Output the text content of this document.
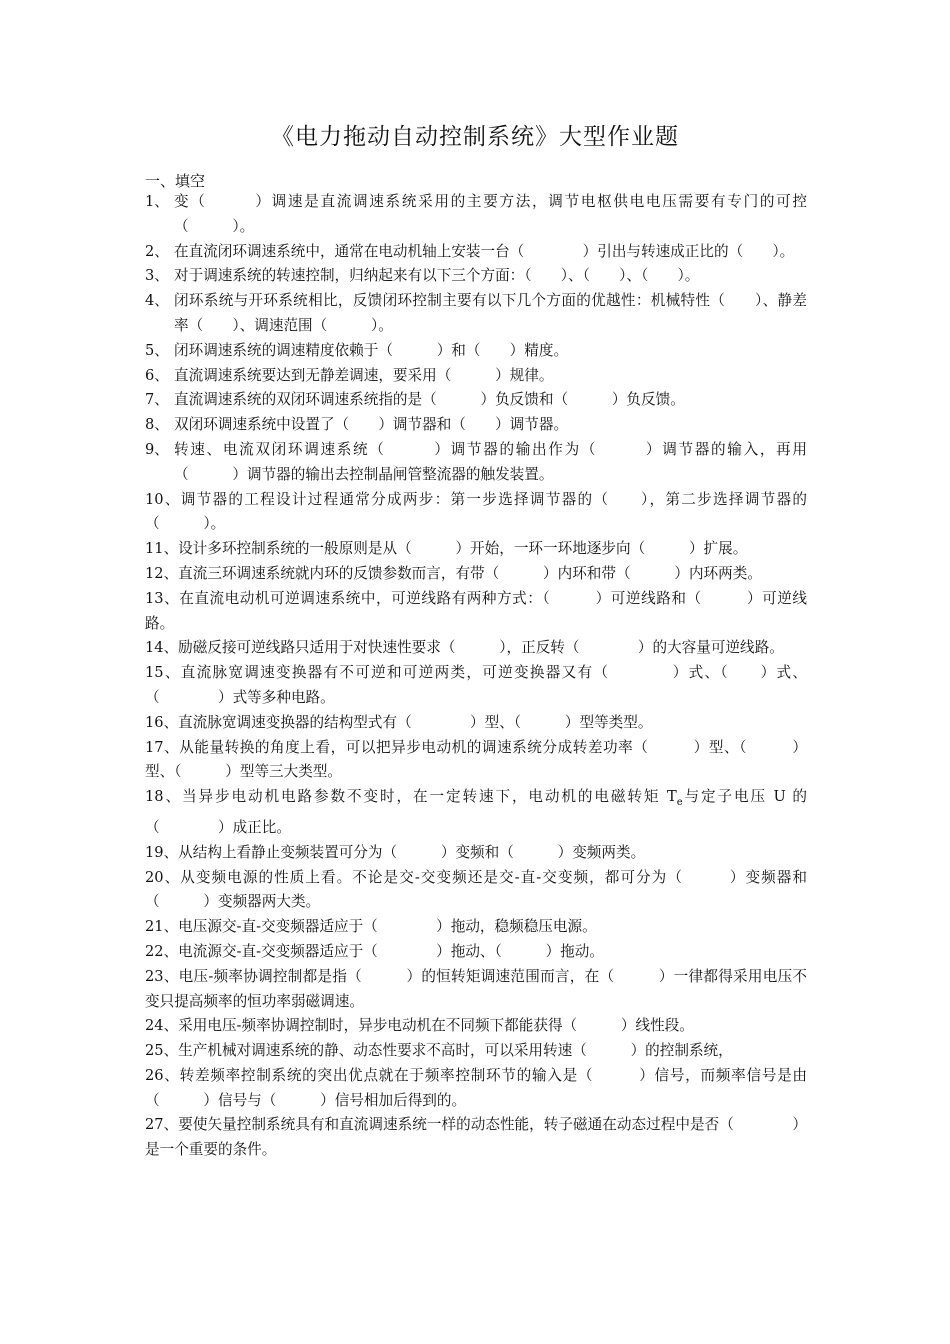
《电力拖动自动控制系统》大型作业题
一、填空
1、 变（　　　）调速是直流调速系统采用的主要方法，调节电枢供电电压需要有专门的可控（　　　）。
2、 在直流闭环调速系统中，通常在电动机轴上安装一台（　　　　）引出与转速成正比的（　　）。
3、 对于调速系统的转速控制，归纳起来有以下三个方面：（　　）、（　　）、（　　）。
4、 闭环系统与开环系统相比，反馈闭环控制主要有以下几个方面的优越性：机械特性（　　）、静差率（　　）、调速范围（　　　）。
5、 闭环调速系统的调速精度依赖于（　　　）和（　　）精度。
6、 直流调速系统要达到无静差调速，要采用（　　　）规律。
7、 直流调速系统的双闭环调速系统指的是（　　　）负反馈和（　　　）负反馈。
8、 双闭环调速系统中设置了（　　）调节器和（　　）调节器。
9、 转速、电流双闭环调速系统（　　　）调节器的输出作为（　　　）调节器的输入，再用（　　　）调节器的输出去控制晶闸管整流器的触发装置。
10、调节器的工程设计过程通常分成两步：第一步选择调节器的（　　），第二步选择调节器的（　　　）。
11、设计多环控制系统的一般原则是从（　　　）开始，一环一环地逐步向（　　　）扩展。
12、直流三环调速系统就内环的反馈参数而言，有带（　　　）内环和带（　　　）内环两类。
13、在直流电动机可逆调速系统中，可逆线路有两种方式：（　　　）可逆线路和（　　　）可逆线路。
14、励磁反接可逆线路只适用于对快速性要求（　　　），正反转（　　　　）的大容量可逆线路。
15、直流脉宽调速变换器有不可逆和可逆两类，可逆变换器又有（　　　　）式、（　　）式、（　　　　）式等多种电路。
16、直流脉宽调速变换器的结构型式有（　　　　）型、（　　　）型等类型。
17、从能量转换的角度上看，可以把异步电动机的调速系统分成转差功率（　　　）型、（　　　）型、（　　　）型等三大类型。
18、当异步电动机电路参数不变时，在一定转速下，电动机的电磁转矩 $T_e$与定子电压 U 的（　　　　）成正比。
19、从结构上看静止变频装置可分为（　　　）变频和（　　　）变频两类。
20、从变频电源的性质上看。不论是交-交变频还是交-直-交变频，都可分为（　　　）变频器和（　　　）变频器两大类。
21、电压源交-直-交变频器适应于（　　　　）拖动，稳频稳压电源。
22、电流源交-直-交变频器适应于（　　　　）拖动、（　　　）拖动。
23、电压-频率协调控制都是指（　　　）的恒转矩调速范围而言，在（　　　）一律都得采用电压不变只提高频率的恒功率弱磁调速。
24、采用电压-频率协调控制时，异步电动机在不同频下都能获得（　　　）线性段。
25、生产机械对调速系统的静、动态性要求不高时，可以采用转速（　　　）的控制系统，
26、转差频率控制系统的突出优点就在于频率控制环节的输入是（　　　）信号，而频率信号是由（　　　）信号与（　　　）信号相加后得到的。
27、要使矢量控制系统具有和直流调速系统一样的动态性能，转子磁通在动态过程中是否（　　　　）是一个重要的条件。
